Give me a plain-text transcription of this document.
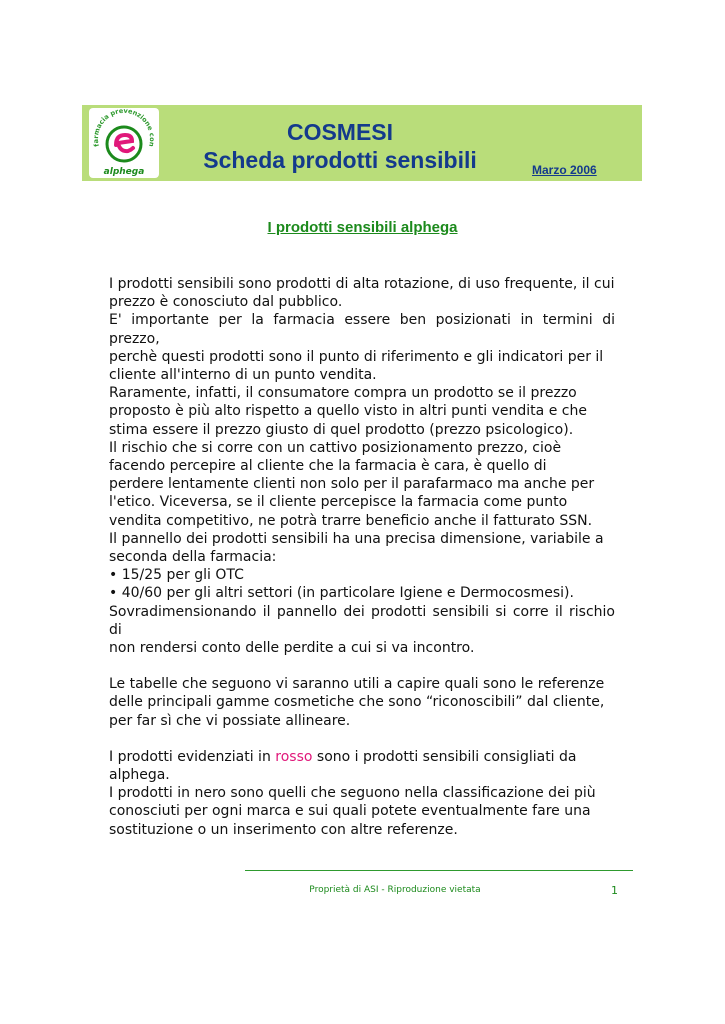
farmacia prevenzione con
alphega
COSMESI
Scheda prodotti sensibili	Marzo 2006
I prodotti sensibili alphega
I prodotti sensibili sono prodotti di alta rotazione, di uso frequente, il cui
prezzo è conosciuto dal pubblico.
E' importante per la farmacia essere ben posizionati in termini di prezzo,
perchè questi prodotti sono il punto di riferimento e gli indicatori per il
cliente all'interno di un punto vendita.
Raramente, infatti, il consumatore compra un prodotto se il prezzo
proposto è più alto rispetto a quello visto in altri punti vendita e che
stima essere il prezzo giusto di quel prodotto (prezzo psicologico).
Il rischio che si corre con un cattivo posizionamento prezzo, cioè
facendo percepire al cliente che la farmacia è cara, è quello di
perdere lentamente clienti non solo per il parafarmaco ma anche per
l'etico. Viceversa, se il cliente percepisce la farmacia come punto
vendita competitivo, ne potrà trarre beneficio anche il fatturato SSN.
Il pannello dei prodotti sensibili ha una precisa dimensione, variabile a
seconda della farmacia:
• 15/25 per gli OTC
• 40/60 per gli altri settori (in particolare Igiene e Dermocosmesi).
Sovradimensionando il pannello dei prodotti sensibili si corre il rischio di
non rendersi conto delle perdite a cui si va incontro.
Le tabelle che seguono vi saranno utili a capire quali sono le referenze
delle principali gamme cosmetiche che sono “riconoscibili” dal cliente,
per far sì che vi possiate allineare.
I prodotti evidenziati in rosso sono i prodotti sensibili consigliati da
alphega.
I prodotti in nero sono quelli che seguono nella classificazione dei più
conosciuti per ogni marca e sui quali potete eventualmente fare una
sostituzione o un inserimento con altre referenze.
Proprietà di ASI - Riproduzione vietata	1
